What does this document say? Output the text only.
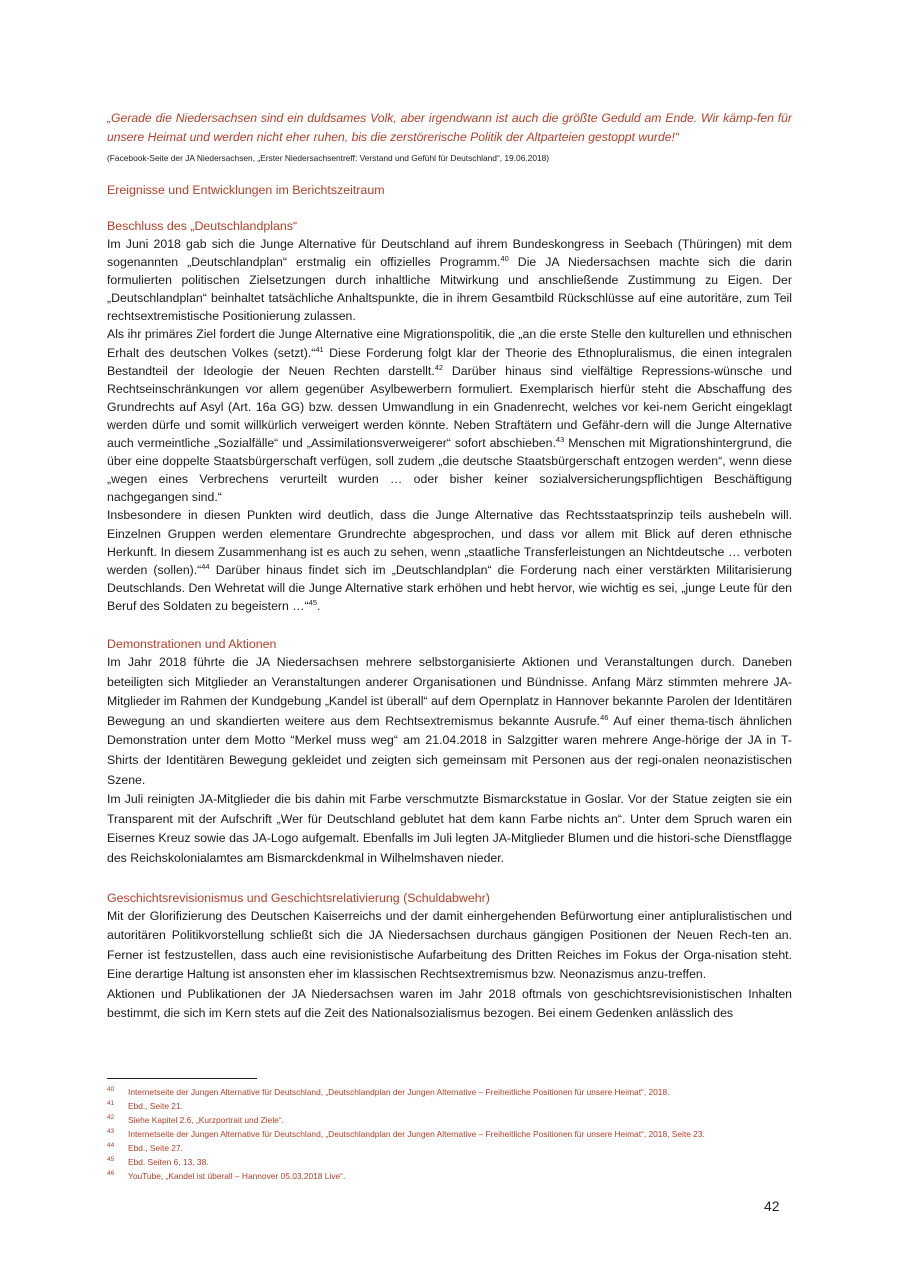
„Gerade die Niedersachsen sind ein duldsames Volk, aber irgendwann ist auch die größte Geduld am Ende. Wir kämp-fen für unsere Heimat und werden nicht eher ruhen, bis die zerstörerische Politik der Altparteien gestoppt wurde!“

(Facebook-Seite der JA Niedersachsen, „Erster Niedersachsentreff: Verstand und Gefühl für Deutschland“, 19.06.2018)
Ereignisse und Entwicklungen im Berichtszeitraum
Beschluss des „Deutschlandplans“

Im Juni 2018 gab sich die Junge Alternative für Deutschland auf ihrem Bundeskongress in Seebach (Thüringen) mit dem sogenannten „Deutschlandplan“ erstmalig ein offizielles Programm.$^{40}$ Die JA Niedersachsen machte sich die darin formulierten politischen Zielsetzungen durch inhaltliche Mitwirkung und anschließende Zustimmung zu Eigen. Der „Deutschlandplan“ beinhaltet tatsächliche Anhaltspunkte, die in ihrem Gesamtbild Rückschlüsse auf eine autoritäre, zum Teil rechtsextremistische Positionierung zulassen.

Als ihr primäres Ziel fordert die Junge Alternative eine Migrationspolitik, die „an die erste Stelle den kulturellen und ethnischen Erhalt des deutschen Volkes (setzt).“$^{41}$ Diese Forderung folgt klar der Theorie des Ethnopluralismus, die einen integralen Bestandteil der Ideologie der Neuen Rechten darstellt.$^{42}$ Darüber hinaus sind vielfältige Repressions-wünsche und Rechtseinschränkungen vor allem gegenüber Asylbewerbern formuliert. Exemplarisch hierfür steht die Abschaffung des Grundrechts auf Asyl (Art. 16a GG) bzw. dessen Umwandlung in ein Gnadenrecht, welches vor kei-nem Gericht eingeklagt werden dürfe und somit willkürlich verweigert werden könnte. Neben Straftätern und Gefähr-dern will die Junge Alternative auch vermeintliche „Sozialfälle“ und „Assimilationsverweigerer“ sofort abschieben.$^{43}$ Menschen mit Migrationshintergrund, die über eine doppelte Staatsbürgerschaft verfügen, soll zudem „die deutsche Staatsbürgerschaft entzogen werden“, wenn diese „wegen eines Verbrechens verurteilt wurden … oder bisher keiner sozialversicherungspflichtigen Beschäftigung nachgegangen sind.“

Insbesondere in diesen Punkten wird deutlich, dass die Junge Alternative das Rechtsstaatsprinzip teils aushebeln will. Einzelnen Gruppen werden elementare Grundrechte abgesprochen, und dass vor allem mit Blick auf deren ethnische Herkunft. In diesem Zusammenhang ist es auch zu sehen, wenn „staatliche Transferleistungen an Nichtdeutsche … verboten werden (sollen).“$^{44}$ Darüber hinaus findet sich im „Deutschlandplan“ die Forderung nach einer verstärkten Militarisierung Deutschlands. Den Wehretat will die Junge Alternative stark erhöhen und hebt hervor, wie wichtig es sei, „junge Leute für den Beruf des Soldaten zu begeistern …“$^{45}$.

Demonstrationen und Aktionen

Im Jahr 2018 führte die JA Niedersachsen mehrere selbstorganisierte Aktionen und Veranstaltungen durch. Daneben beteiligten sich Mitglieder an Veranstaltungen anderer Organisationen und Bündnisse. Anfang März stimmten mehrere JA-Mitglieder im Rahmen der Kundgebung „Kandel ist überall“ auf dem Opernplatz in Hannover bekannte Parolen der Identitären Bewegung an und skandierten weitere aus dem Rechtsextremismus bekannte Ausrufe.$^{46}$ Auf einer thema-tisch ähnlichen Demonstration unter dem Motto “Merkel muss weg“ am 21.04.2018 in Salzgitter waren mehrere Ange-hörige der JA in T-Shirts der Identitären Bewegung gekleidet und zeigten sich gemeinsam mit Personen aus der regi-onalen neonazistischen Szene.

Im Juli reinigten JA-Mitglieder die bis dahin mit Farbe verschmutzte Bismarckstatue in Goslar. Vor der Statue zeigten sie ein Transparent mit der Aufschrift „Wer für Deutschland geblutet hat dem kann Farbe nichts an“. Unter dem Spruch waren ein Eisernes Kreuz sowie das JA-Logo aufgemalt. Ebenfalls im Juli legten JA-Mitglieder Blumen und die histori-sche Dienstflagge des Reichskolonialamtes am Bismarckdenkmal in Wilhelmshaven nieder.

Geschichtsrevisionismus und Geschichtsrelativierung (Schuldabwehr)

Mit der Glorifizierung des Deutschen Kaiserreichs und der damit einhergehenden Befürwortung einer antipluralistischen und autoritären Politikvorstellung schließt sich die JA Niedersachsen durchaus gängigen Positionen der Neuen Rech-ten an. Ferner ist festzustellen, dass auch eine revisionistische Aufarbeitung des Dritten Reiches im Fokus der Orga-nisation steht. Eine derartige Haltung ist ansonsten eher im klassischen Rechtsextremismus bzw. Neonazismus anzu-treffen.

Aktionen und Publikationen der JA Niedersachsen waren im Jahr 2018 oftmals von geschichtsrevisionistischen Inhalten bestimmt, die sich im Kern stets auf die Zeit des Nationalsozialismus bezogen. Bei einem Gedenken anlässlich des

40	Internetseite der Jungen Alternative für Deutschland, „Deutschlandplan der Jungen Alternative – Freiheitliche Positionen für unsere Heimat“, 2018.
41	Ebd., Seite 21.
42	Siehe Kapitel 2.6, „Kurzportrait und Ziele“.
43	Internetseite der Jungen Alternative für Deutschland, „Deutschlandplan der Jungen Alternative – Freiheitliche Positionen für unsere Heimat“, 2018, Seite 23.
44	Ebd., Seite 27.
45	Ebd. Seiten 6, 13, 38.
46	YouTube, „Kandel ist überall – Hannover 05.03.2018 Live“.
42
